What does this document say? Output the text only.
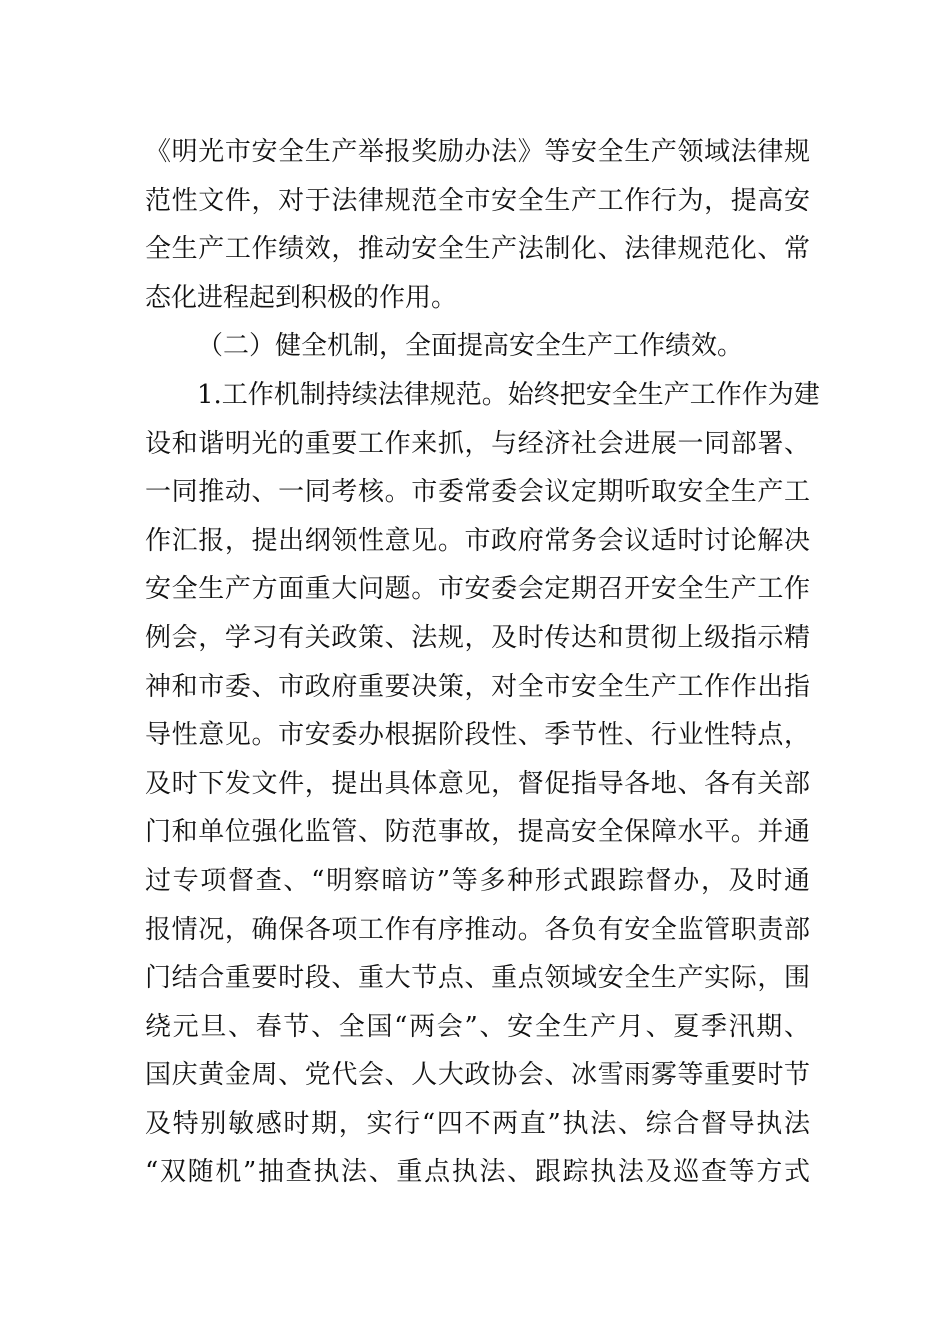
《明光市安全生产举报奖励办法》等安全生产领域法律规
范性文件，对于法律规范全市安全生产工作行为，提高安
全生产工作绩效，推动安全生产法制化、法律规范化、常
态化进程起到积极的作用。
（二）健全机制，全面提高安全生产工作绩效。
1.工作机制持续法律规范。始终把安全生产工作作为建
设和谐明光的重要工作来抓，与经济社会进展一同部署、
一同推动、一同考核。市委常委会议定期听取安全生产工
作汇报，提出纲领性意见。市政府常务会议适时讨论解决
安全生产方面重大问题。市安委会定期召开安全生产工作
例会，学习有关政策、法规，及时传达和贯彻上级指示精
神和市委、市政府重要决策，对全市安全生产工作作出指
导性意见。市安委办根据阶段性、季节性、行业性特点，
及时下发文件，提出具体意见，督促指导各地、各有关部
门和单位强化监管、防范事故，提高安全保障水平。并通
过专项督查、“明察暗访”等多种形式跟踪督办，及时通
报情况，确保各项工作有序推动。各负有安全监管职责部
门结合重要时段、重大节点、重点领域安全生产实际，围
绕元旦、春节、全国“两会”、安全生产月、夏季汛期、
国庆黄金周、党代会、人大政协会、冰雪雨雾等重要时节
及特别敏感时期，实行“四不两直”执法、综合督导执法
“双随机”抽查执法、重点执法、跟踪执法及巡查等方式
